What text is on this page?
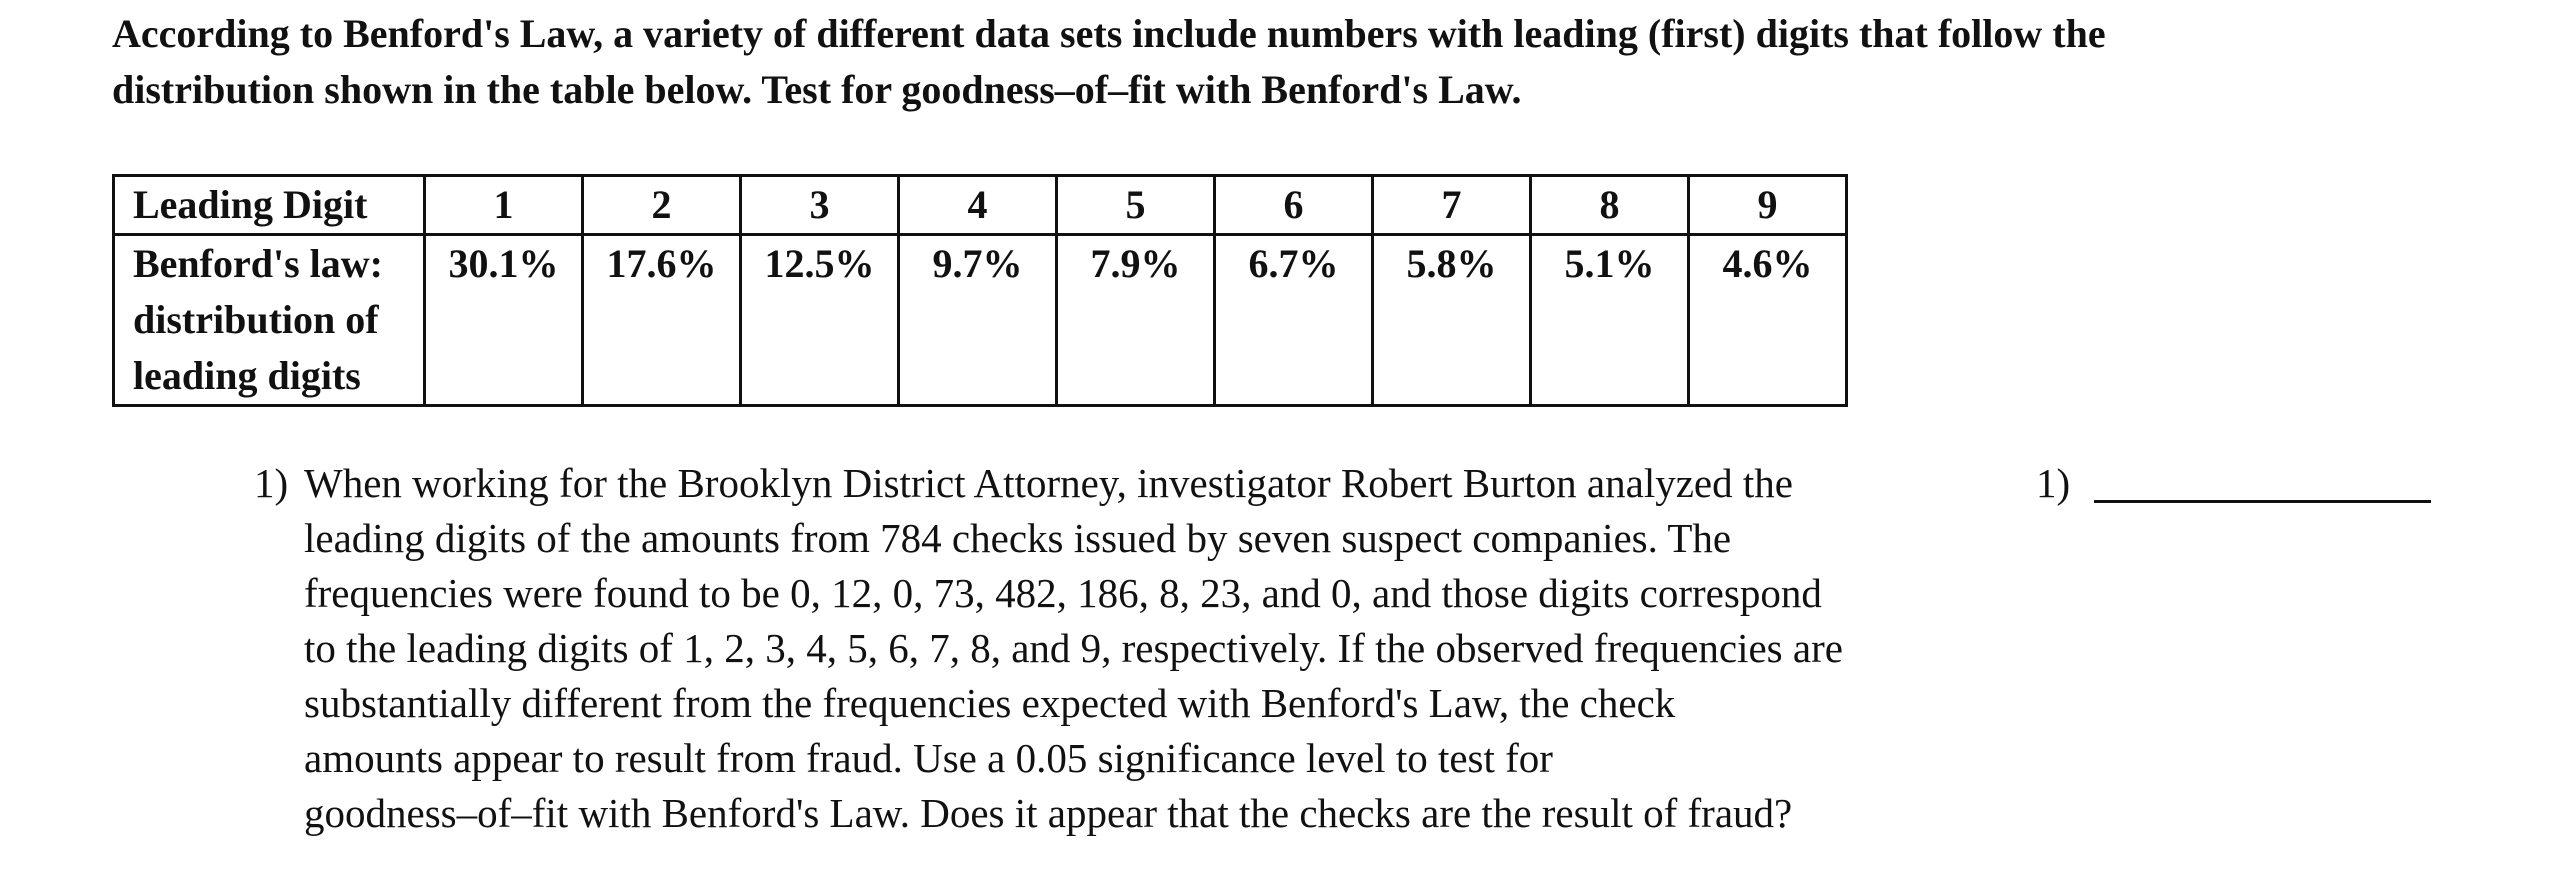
According to Benford's Law, a variety of different data sets include numbers with leading (first) digits that follow the
distribution shown in the table below. Test for goodness–of–fit with Benford's Law.
Leading Digit	1	2	3	4	5	6	7	8	9

Benford's law:
distribution of
leading digits	30.1%	17.6%	12.5%	9.7%	7.9%	6.7%	5.8%	5.1%	4.6%
1) When working for the Brooklyn District Attorney, investigator Robert Burton analyzed the
leading digits of the amounts from 784 checks issued by seven suspect companies. The
frequencies were found to be 0, 12, 0, 73, 482, 186, 8, 23, and 0, and those digits correspond
to the leading digits of 1, 2, 3, 4, 5, 6, 7, 8, and 9, respectively. If the observed frequencies are
substantially different from the frequencies expected with Benford's Law, the check
amounts appear to result from fraud. Use a 0.05 significance level to test for
goodness–of–fit with Benford's Law. Does it appear that the checks are the result of fraud?
1)
